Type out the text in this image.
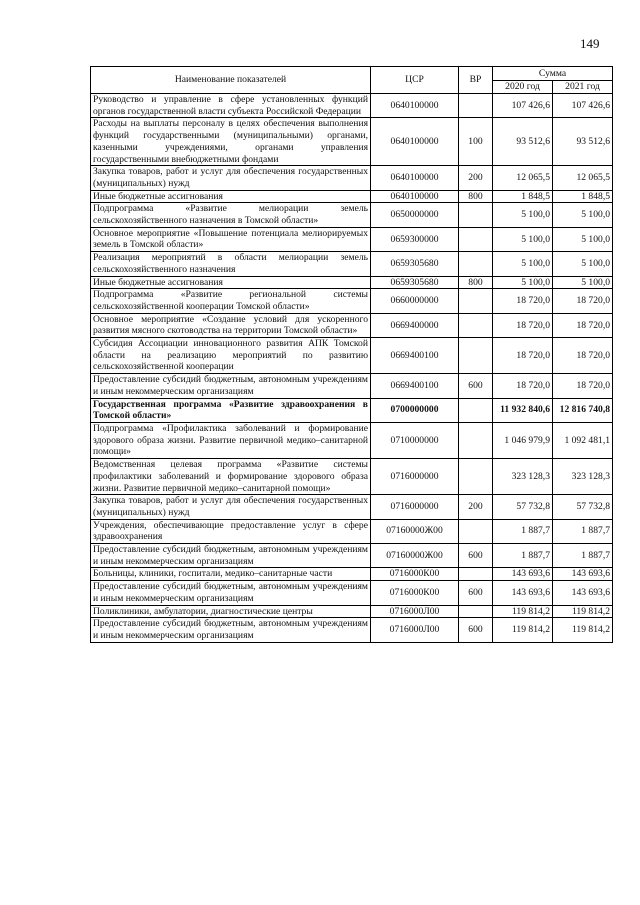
149
Наименование показателей	ЦСР	ВР	Сумма	
			2020 год	2021 год
Руководство и управление в сфере установленных функций органов государственной власти субъекта Российской Федерации	0640100000		107 426,6	107 426,6
Расходы на выплаты персоналу в целях обеспечения выполнения функций государственными (муниципальными) органами, казенными учреждениями, органами управления государственными внебюджетными фондами	0640100000	100	93 512,6	93 512,6
Закупка товаров, работ и услуг для обеспечения государственных (муниципальных) нужд	0640100000	200	12 065,5	12 065,5
Иные бюджетные ассигнования	0640100000	800	1 848,5	1 848,5
Подпрограмма «Развитие мелиорации земель сельскохозяйственного назначения в Томской области»	0650000000		5 100,0	5 100,0
Основное мероприятие «Повышение потенциала мелиорируемых земель в Томской области»	0659300000		5 100,0	5 100,0
Реализация мероприятий в области мелиорации земель сельскохозяйственного назначения	0659305680		5 100,0	5 100,0
Иные бюджетные ассигнования	0659305680	800	5 100,0	5 100,0
Подпрограмма «Развитие региональной системы сельскохозяйственной кооперации Томской области»	0660000000		18 720,0	18 720,0
Основное мероприятие «Создание условий для ускоренного развития мясного скотоводства на территории Томской области»	0669400000		18 720,0	18 720,0
Субсидия Ассоциации инновационного развития АПК Томской области на реализацию мероприятий по развитию сельскохозяйственной кооперации	0669400100		18 720,0	18 720,0
Предоставление субсидий бюджетным, автономным учреждениям и иным некоммерческим организациям	0669400100	600	18 720,0	18 720,0
Государственная программа «Развитие здравоохранения в Томской области»	0700000000		11 932 840,6	12 816 740,8
Подпрограмма «Профилактика заболеваний и формирование здорового образа жизни. Развитие первичной медико–санитарной помощи»	0710000000		1 046 979,9	1 092 481,1
Ведомственная целевая программа «Развитие системы профилактики заболеваний и формирование здорового образа жизни. Развитие первичной медико–санитарной помощи»	0716000000		323 128,3	323 128,3
Закупка товаров, работ и услуг для обеспечения государственных (муниципальных) нужд	0716000000	200	57 732,8	57 732,8
Учреждения, обеспечивающие предоставление услуг в сфере здравоохранения	07160000Ж00		1 887,7	1 887,7
Предоставление субсидий бюджетным, автономным учреждениям и иным некоммерческим организациям	07160000Ж00	600	1 887,7	1 887,7
Больницы, клиники, госпитали, медико–санитарные части	0716000К00		143 693,6	143 693,6
Предоставление субсидий бюджетным, автономным учреждениям и иным некоммерческим организациям	0716000К00	600	143 693,6	143 693,6
Поликлиники, амбулатории, диагностические центры	0716000Л00		119 814,2	119 814,2
Предоставление субсидий бюджетным, автономным учреждениям и иным некоммерческим организациям	0716000Л00	600	119 814,2	119 814,2
